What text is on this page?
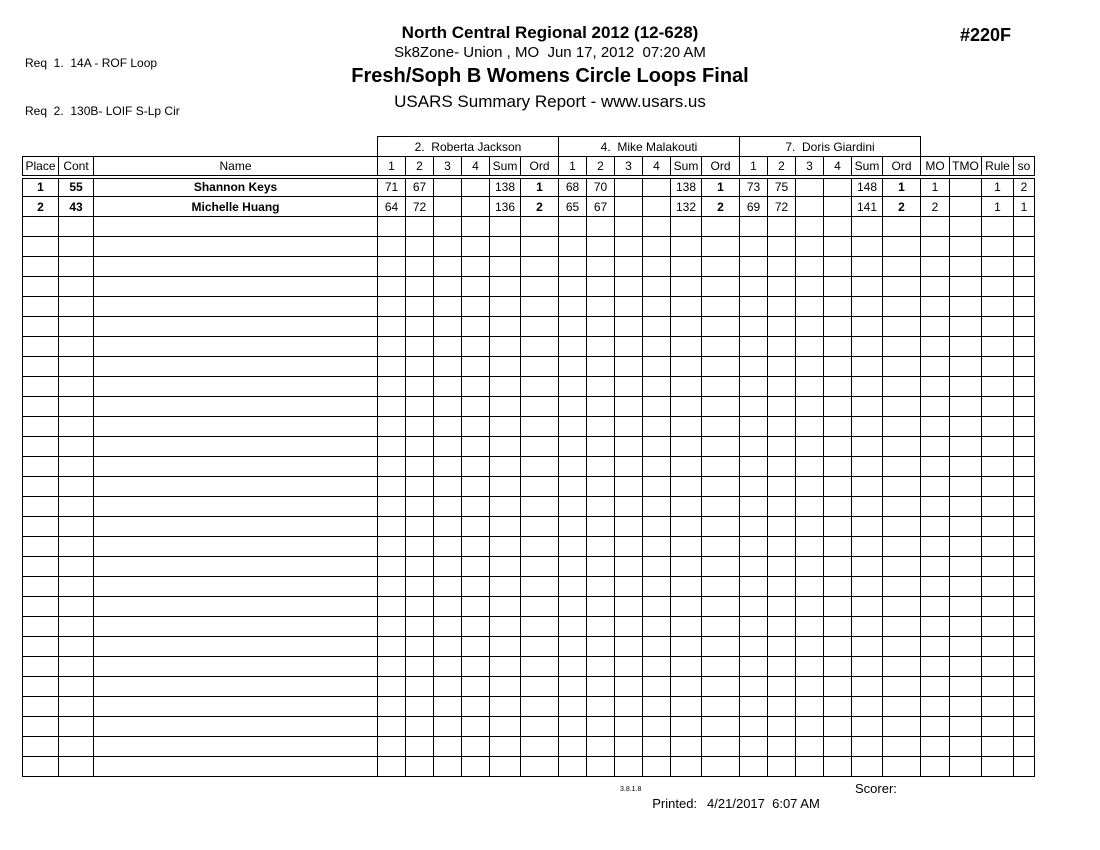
Req  1.  14A - ROF Loop

Req  2.  130B- LOIF S-Lp Cir

North Central Regional 2012 (12-628)
Sk8Zone- Union , MO  Jun 17, 2012  07:20 AM
Fresh/Soph B Womens Circle Loops Final
USARS Summary Report - www.usars.us
#220F
			2.  Roberta Jackson						4.  Mike Malakouti						7.  Doris Giardini									
Place	Cont	Name	1	2	3	4	Sum	Ord	1	2	3	4	Sum	Ord	1	2	3	4	Sum	Ord	MO	TMO	Rule	so
1	55	Shannon Keys	71	67			138	1	68	70			138	1	73	75			148	1	1		1	2
2	43	Michelle Huang	64	72			136	2	65	67			132	2	69	72			141	2	2		1	1

3.8.1.8

Printed: 4/21/2017  6:07 AM

Scorer:
